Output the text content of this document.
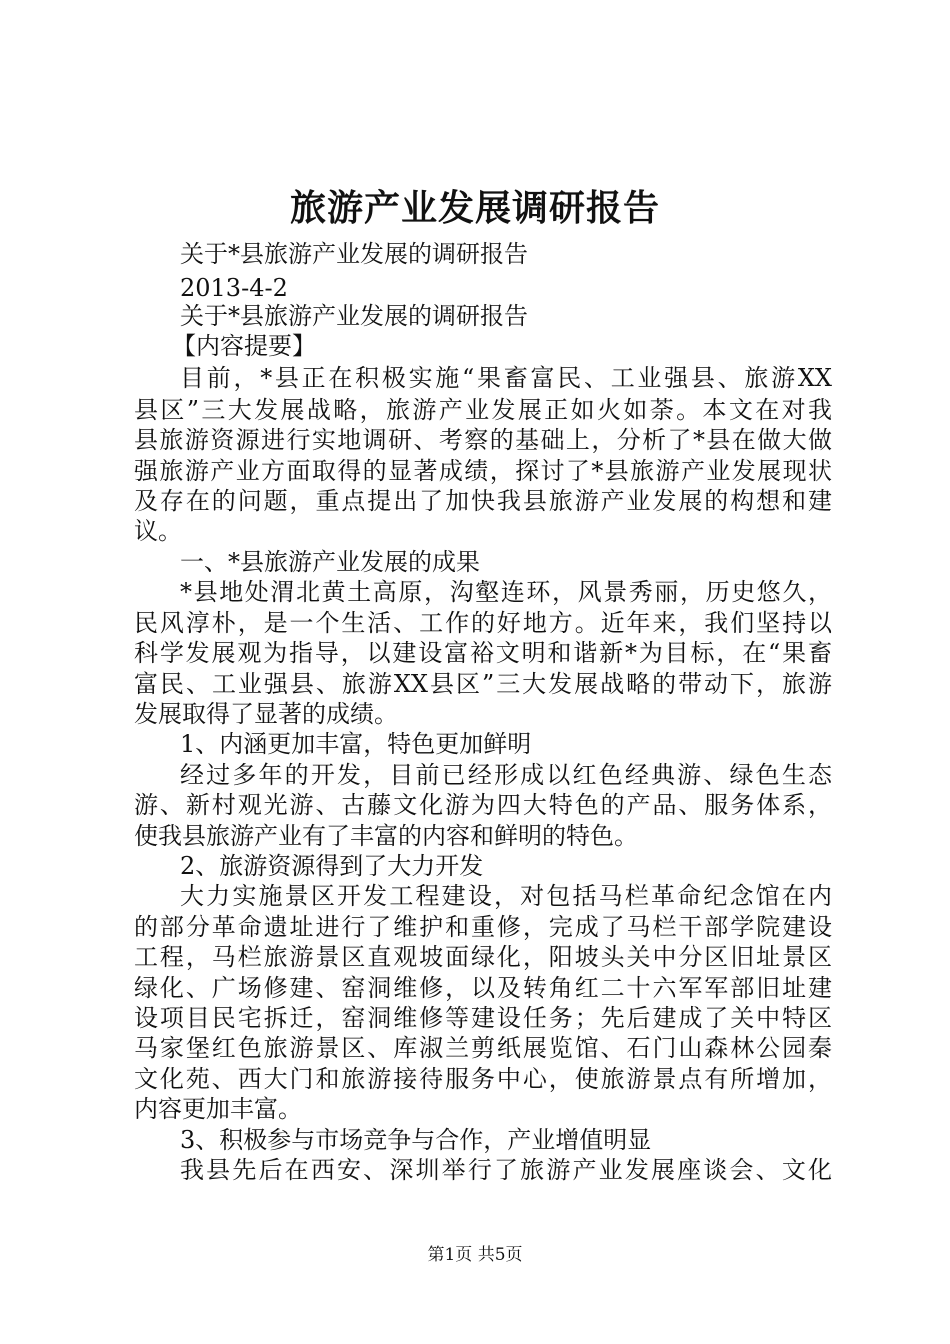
旅游产业发展调研报告
关于*县旅游产业发展的调研报告
2013-4-2
关于*县旅游产业发展的调研报告
【内容提要】
目前，*县正在积极实施“果畜富民、工业强县、旅游XX
县区”三大发展战略，旅游产业发展正如火如荼。本文在对我
县旅游资源进行实地调研、考察的基础上，分析了*县在做大做
强旅游产业方面取得的显著成绩，探讨了*县旅游产业发展现状
及存在的问题，重点提出了加快我县旅游产业发展的构想和建
议。
一、*县旅游产业发展的成果
*县地处渭北黄土高原，沟壑连环，风景秀丽，历史悠久，
民风淳朴，是一个生活、工作的好地方。近年来，我们坚持以
科学发展观为指导，以建设富裕文明和谐新*为目标，在“果畜
富民、工业强县、旅游XX县区”三大发展战略的带动下，旅游
发展取得了显著的成绩。
1、内涵更加丰富，特色更加鲜明
经过多年的开发，目前已经形成以红色经典游、绿色生态
游、新村观光游、古藤文化游为四大特色的产品、服务体系，
使我县旅游产业有了丰富的内容和鲜明的特色。
2、旅游资源得到了大力开发
大力实施景区开发工程建设，对包括马栏革命纪念馆在内
的部分革命遗址进行了维护和重修，完成了马栏干部学院建设
工程，马栏旅游景区直观坡面绿化，阳坡头关中分区旧址景区
绿化、广场修建、窑洞维修，以及转角红二十六军军部旧址建
设项目民宅拆迁，窑洞维修等建设任务；先后建成了关中特区
马家堡红色旅游景区、库淑兰剪纸展览馆、石门山森林公园秦
文化苑、西大门和旅游接待服务中心，使旅游景点有所增加，
内容更加丰富。
3、积极参与市场竞争与合作，产业增值明显
我县先后在西安、深圳举行了旅游产业发展座谈会、文化
第1页 共5页
